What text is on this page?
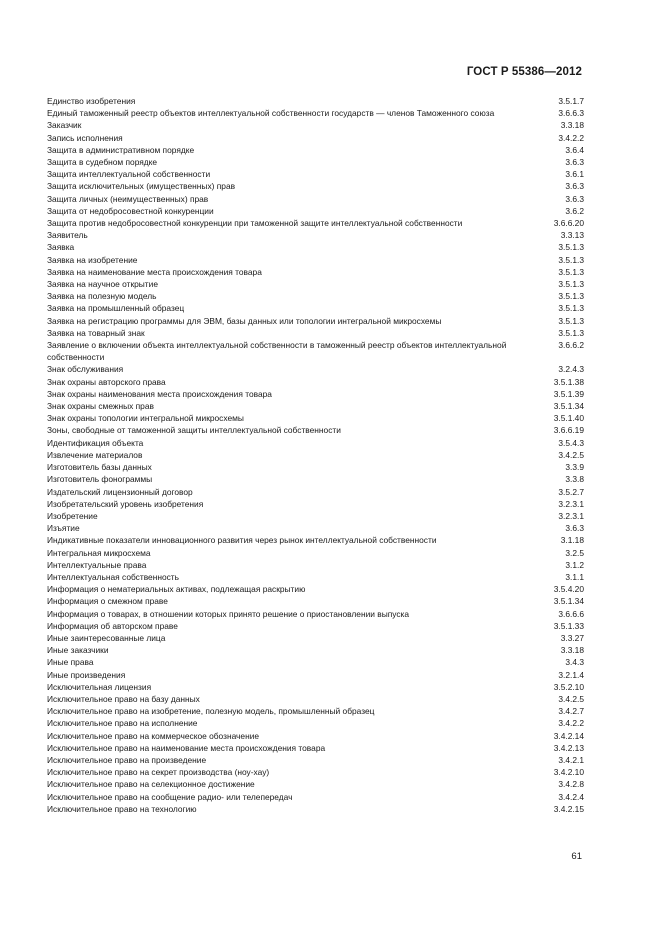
ГОСТ Р 55386—2012
Единство изобретения	3.5.1.7
Единый таможенный реестр объектов интеллектуальной собственности государств — членов Таможенного союза	3.6.6.3
Заказчик	3.3.18
Запись исполнения	3.4.2.2
Защита в административном порядке	3.6.4
Защита в судебном порядке	3.6.3
Защита интеллектуальной собственности	3.6.1
Защита исключительных (имущественных) прав	3.6.3
Защита личных (неимущественных) прав	3.6.3
Защита от недобросовестной конкуренции	3.6.2
Защита против недобросовестной конкуренции при таможенной защите интеллектуальной собственности	3.6.6.20
Заявитель	3.3.13
Заявка	3.5.1.3
Заявка на изобретение	3.5.1.3
Заявка на наименование места происхождения товара	3.5.1.3
Заявка на научное открытие	3.5.1.3
Заявка на полезную модель	3.5.1.3
Заявка на промышленный образец	3.5.1.3
Заявка на регистрацию программы для ЭВМ, базы данных или топологии интегральной микросхемы	3.5.1.3
Заявка на товарный знак	3.5.1.3
Заявление о включении объекта интеллектуальной собственности в таможенный реестр объектов интеллектуальной собственности
3.6.6.2
Знак обслуживания	3.2.4.3
Знак охраны авторского права	3.5.1.38
Знак охраны наименования места происхождения товара	3.5.1.39
Знак охраны смежных прав	3.5.1.34
Знак охраны топологии интегральной микросхемы	3.5.1.40
Зоны, свободные от таможенной защиты интеллектуальной собственности	3.6.6.19
Идентификация объекта	3.5.4.3
Извлечение материалов	3.4.2.5
Изготовитель базы данных	3.3.9
Изготовитель фонограммы	3.3.8
Издательский лицензионный договор	3.5.2.7
Изобретательский уровень изобретения	3.2.3.1
Изобретение	3.2.3.1
Изъятие	3.6.3
Индикативные показатели инновационного развития через рынок интеллектуальной собственности	3.1.18
Интегральная микросхема	3.2.5
Интеллектуальные права	3.1.2
Интеллектуальная собственность	3.1.1
Информация о нематериальных активах, подлежащая раскрытию	3.5.4.20
Информация о смежном праве	3.5.1.34
Информация о товарах, в отношении которых принято решение о приостановлении выпуска	3.6.6.6
Информация об авторском праве	3.5.1.33
Иные заинтересованные лица	3.3.27
Иные заказчики	3.3.18
Иные права	3.4.3
Иные произведения	3.2.1.4
Исключительная лицензия	3.5.2.10
Исключительное право на базу данных	3.4.2.5
Исключительное право на изобретение, полезную модель, промышленный образец	3.4.2.7
Исключительное право на исполнение	3.4.2.2
Исключительное право на коммерческое обозначение	3.4.2.14
Исключительное право на наименование места происхождения товара	3.4.2.13
Исключительное право на произведение	3.4.2.1
Исключительное право на секрет производства (ноу-хау)	3.4.2.10
Исключительное право на селекционное достижение	3.4.2.8
Исключительное право на сообщение радио- или телепередач	3.4.2.4
Исключительное право на технологию	3.4.2.15
61
